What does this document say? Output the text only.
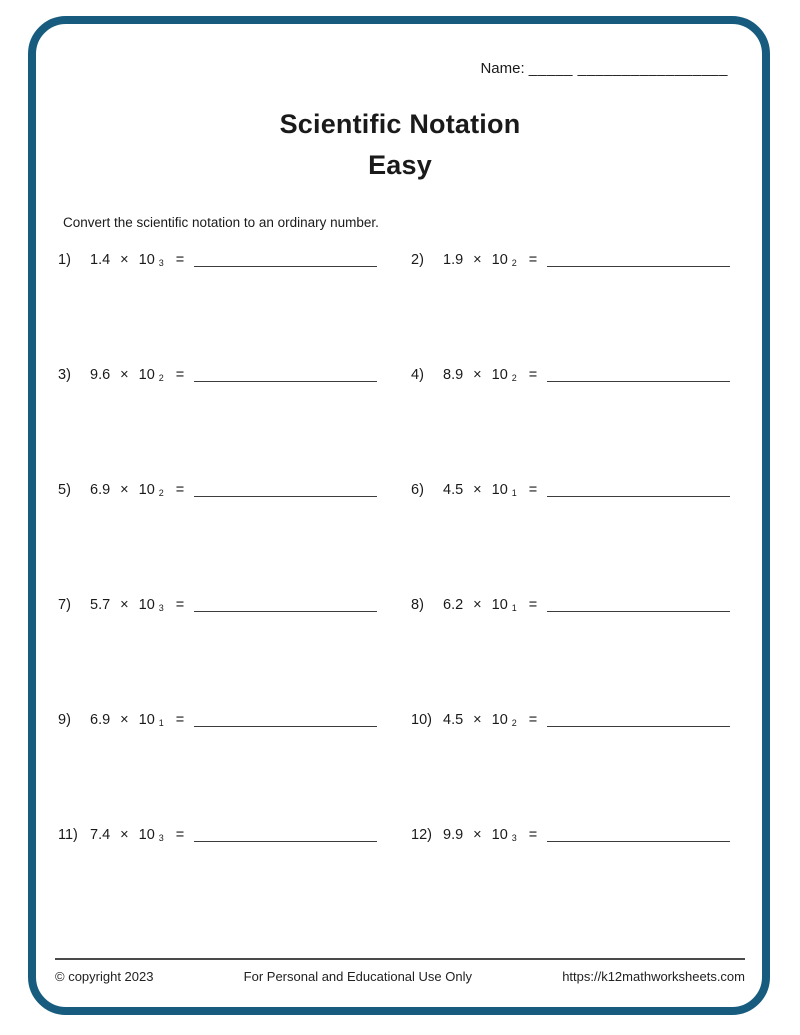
Name: _____ _________________
Scientific Notation
Easy
Convert the scientific notation to an ordinary number.
1)	1.4 × 10 $_3$ =	2)	1.9 × 10 $_2$ =
3)	9.6 × 10 $_2$ =	4)	8.9 × 10 $_2$ =
5)	6.9 × 10 $_2$ =	6)	4.5 × 10 $_1$ =
7)	5.7 × 10 $_3$ =	8)	6.2 × 10 $_1$ =
9)	6.9 × 10 $_1$ =	10) 4.5 × 10 $_2$ =
11) 7.4 × 10 $_3$ =	12) 9.9 × 10 $_3$ =
© copyright 2023	For Personal and Educational Use Only	https://k12mathworksheets.com
